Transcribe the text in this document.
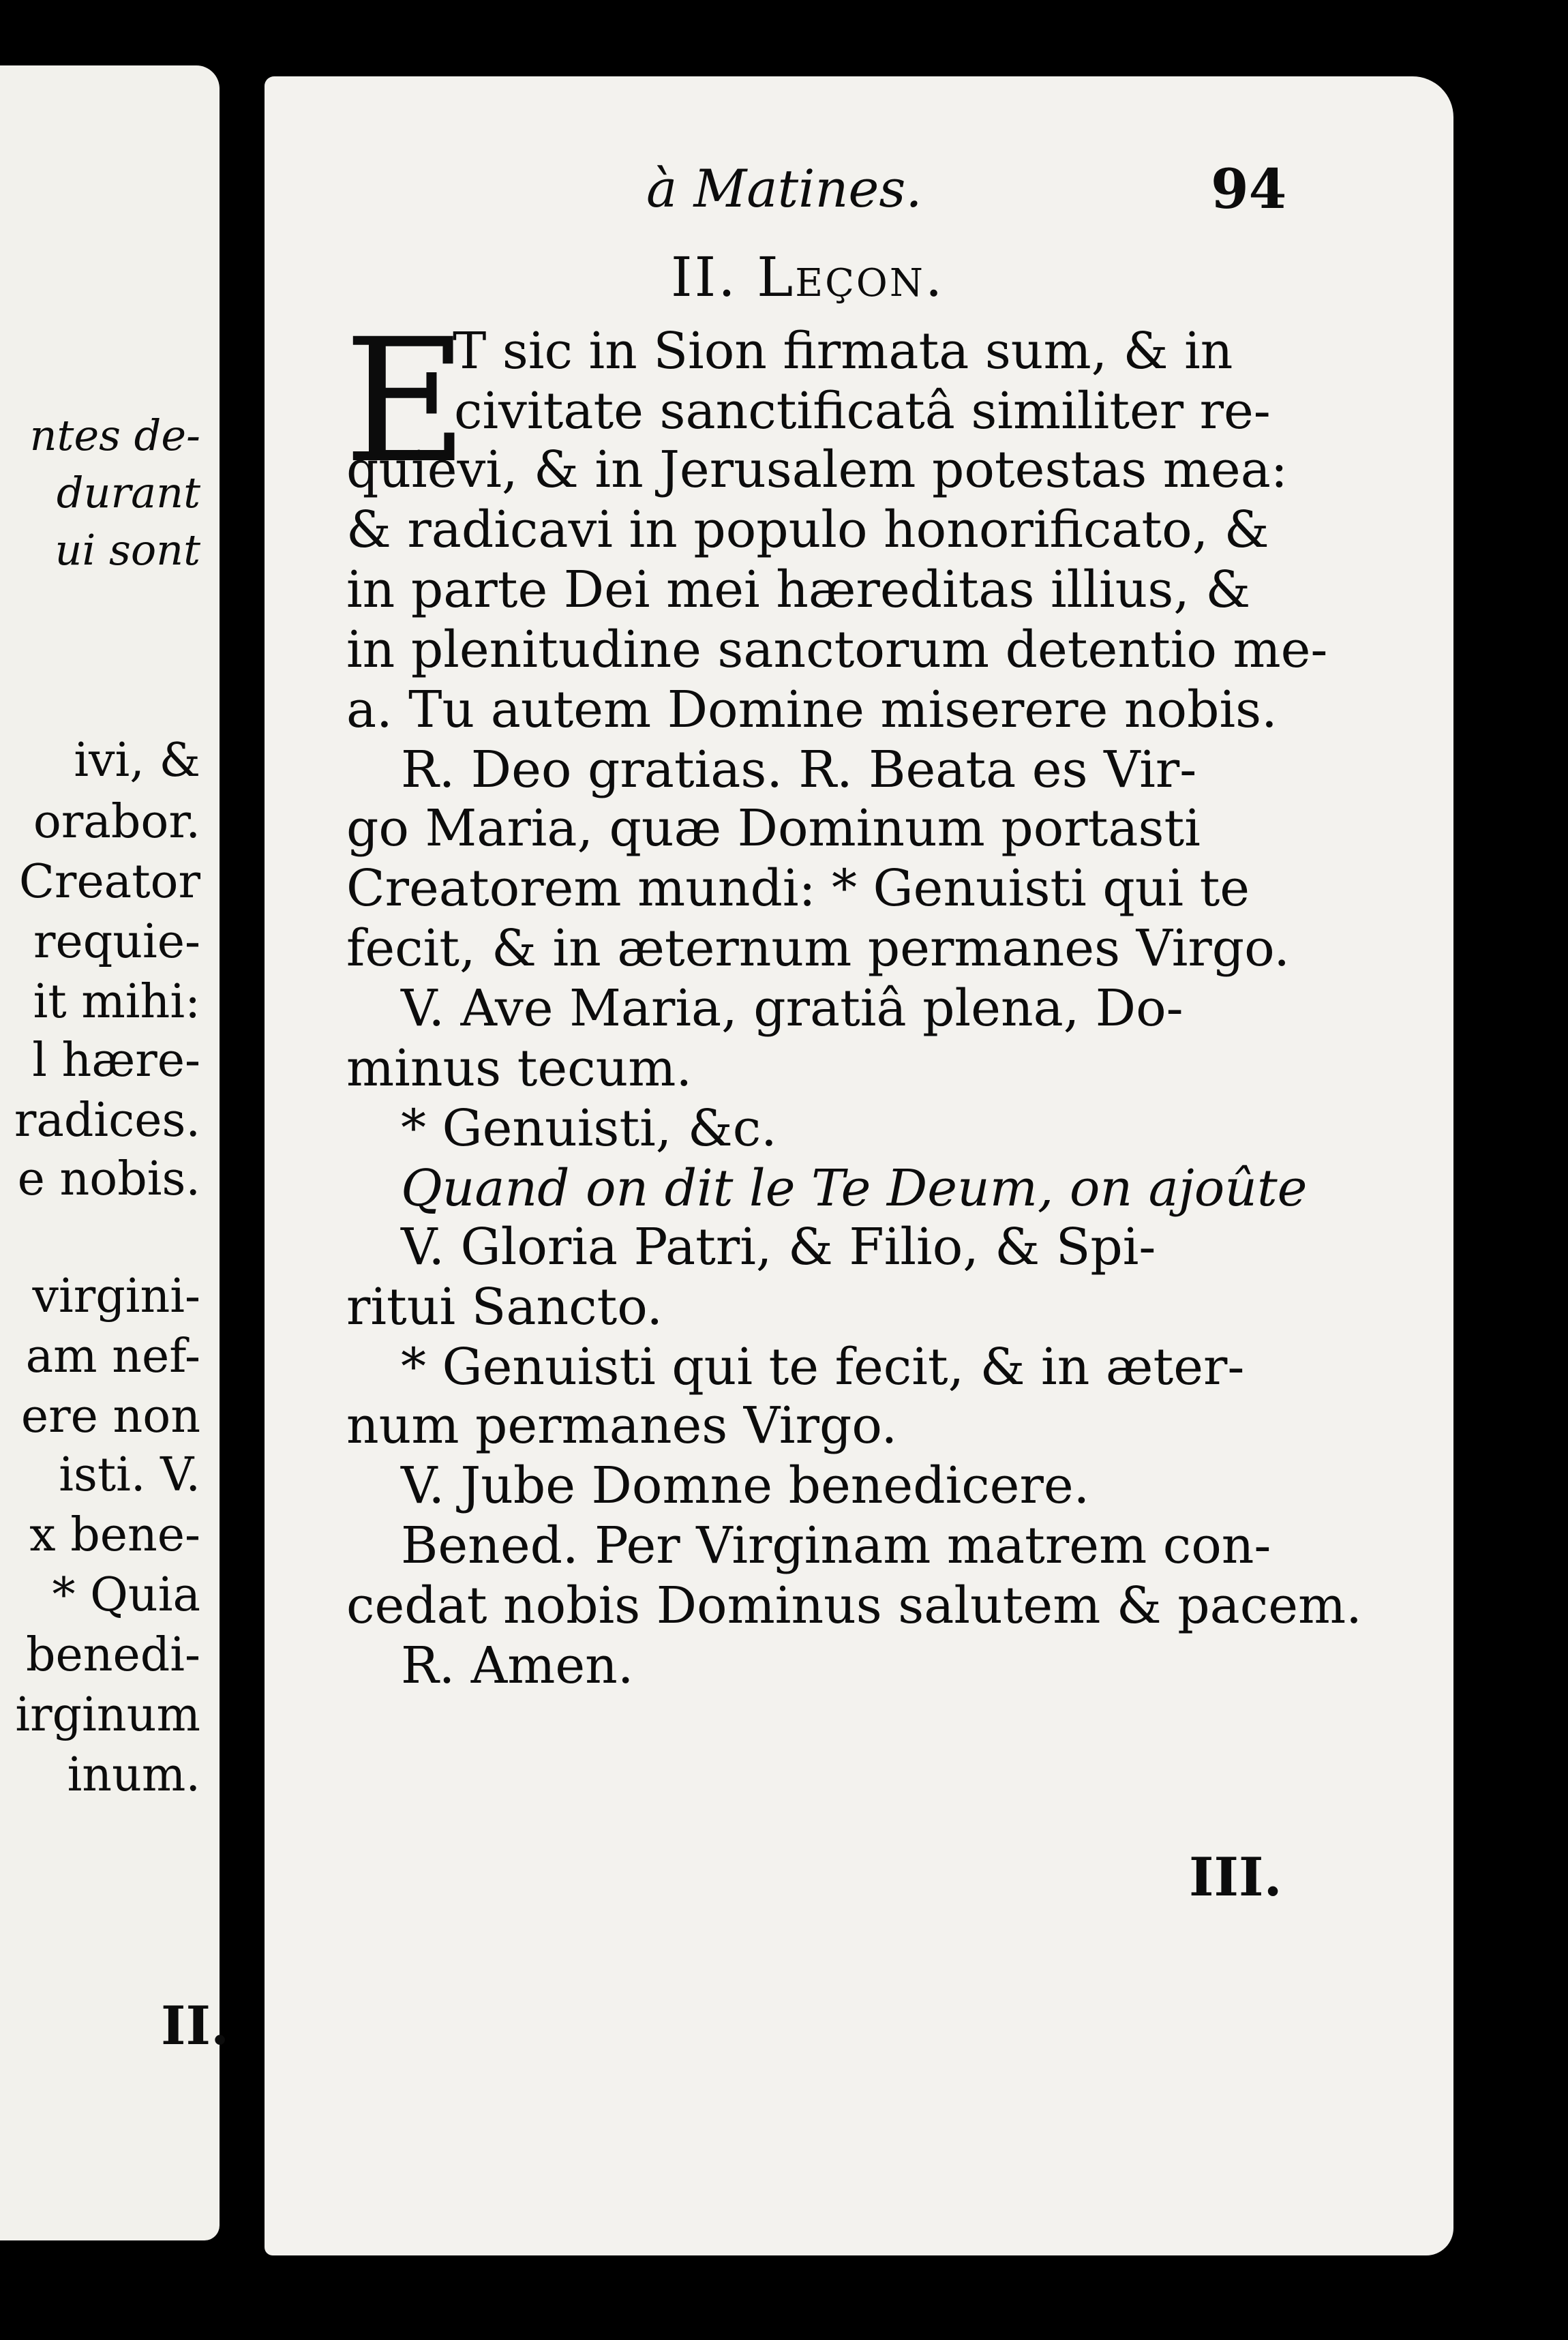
ntes de-
durant
ui sont
ivi, &
orabor.
Creator
requie-
it mihi:
l hære-
radices.
e nobis.
virgini-
am nef-
ere non
isti. V.
x bene-
* Quia
benedi-
irginum
inum.
II.
à Matines.	94
II. Leçon.
E
T sic in Sion firmata sum, & in
civitate sanctificatâ similiter re-
quievi, & in Jerusalem potestas mea:
& radicavi in populo honorificato, &
in parte Dei mei hæreditas illius, &
in plenitudine sanctorum detentio me-
a. Tu autem Domine miserere nobis.
R. Deo gratias. R. Beata es Vir-
go Maria, quæ Dominum portasti
Creatorem mundi: * Genuisti qui te
fecit, & in æternum permanes Virgo.
V. Ave Maria, gratiâ plena, Do-
minus tecum.
* Genuisti, &c.
Quand on dit le Te Deum, on ajoûte
V. Gloria Patri, & Filio, & Spi-
ritui Sancto.
* Genuisti qui te fecit, & in æter-
num permanes Virgo.
V. Jube Domne benedicere.
Bened. Per Virginam matrem con-
cedat nobis Dominus salutem & pacem.
R. Amen.
III.
